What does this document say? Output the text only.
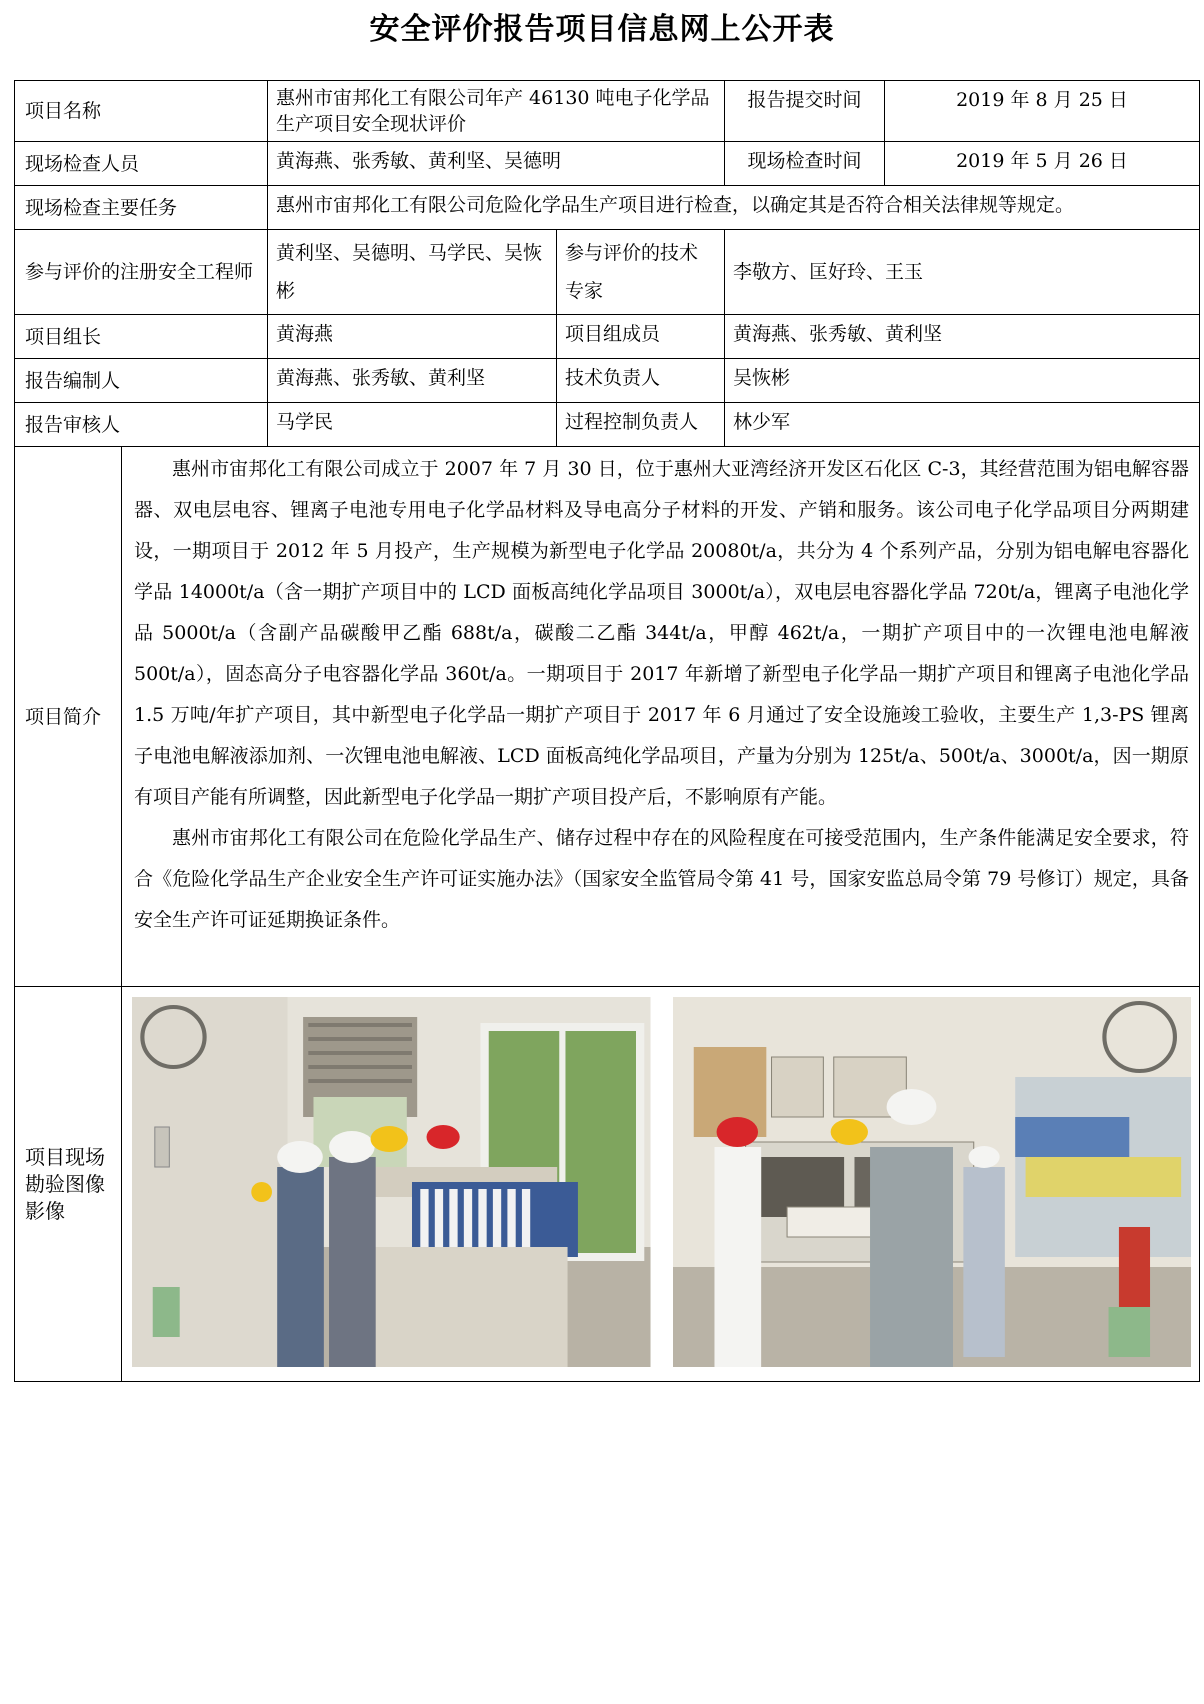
安全评价报告项目信息网上公开表
项目名称		惠州市宙邦化工有限公司年产 46130 吨电子化学品生产项目安全现状评价		报告提交时间	2019 年 8 月 25 日
现场检查人员		黄海燕、张秀敏、黄利坚、吴德明		现场检查时间	2019 年 5 月 26 日
现场检查主要任务		惠州市宙邦化工有限公司危险化学品生产项目进行检查，以确定其是否符合相关法律规等规定。			
参与评价的注册安全工程师		黄利坚、吴德明、马学民、吴恢彬	参与评价的技术专家	李敬方、匡好玲、王玉	
项目组长		黄海燕	项目组成员	黄海燕、张秀敏、黄利坚	
报告编制人		黄海燕、张秀敏、黄利坚	技术负责人	吴恢彬	
报告审核人		马学民	过程控制负责人	林少军	
项目简介	惠州市宙邦化工有限公司成立于 2007 年 7 月 30 日，位于惠州大亚湾经济开发区石化区 C-3，其经营范围为铝电解容器器、双电层电容、锂离子电池专用电子化学品材料及导电高分子材料的开发、产销和服务。该公司电子化学品项目分两期建设，一期项目于 2012 年 5 月投产，生产规模为新型电子化学品 20080t/a，共分为 4 个系列产品，分别为铝电解电容器化学品 14000t/a（含一期扩产项目中的 LCD 面板高纯化学品项目 3000t/a），双电层电容器化学品 720t/a，锂离子电池化学品 5000t/a（含副产品碳酸甲乙酯 688t/a，碳酸二乙酯 344t/a，甲醇 462t/a，一期扩产项目中的一次锂电池电解液 500t/a），固态高分子电容器化学品 360t/a。一期项目于 2017 年新增了新型电子化学品一期扩产项目和锂离子电池化学品 1.5 万吨/年扩产项目，其中新型电子化学品一期扩产项目于 2017 年 6 月通过了安全设施竣工验收，主要生产 1,3-PS 锂离子电池电解液添加剂、一次锂电池电解液、LCD 面板高纯化学品项目，产量为分别为 125t/a、500t/a、3000t/a，因一期原有项目产能有所调整，因此新型电子化学品一期扩产项目投产后，不影响原有产能。

惠州市宙邦化工有限公司在危险化学品生产、储存过程中存在的风险程度在可接受范围内，生产条件能满足安全要求，符合《危险化学品生产企业安全生产许可证实施办法》（国家安全监管局令第 41 号，国家安监总局令第 79 号修订）规定，具备安全生产许可证延期换证条件。				

项目现场勘验图像影像	
